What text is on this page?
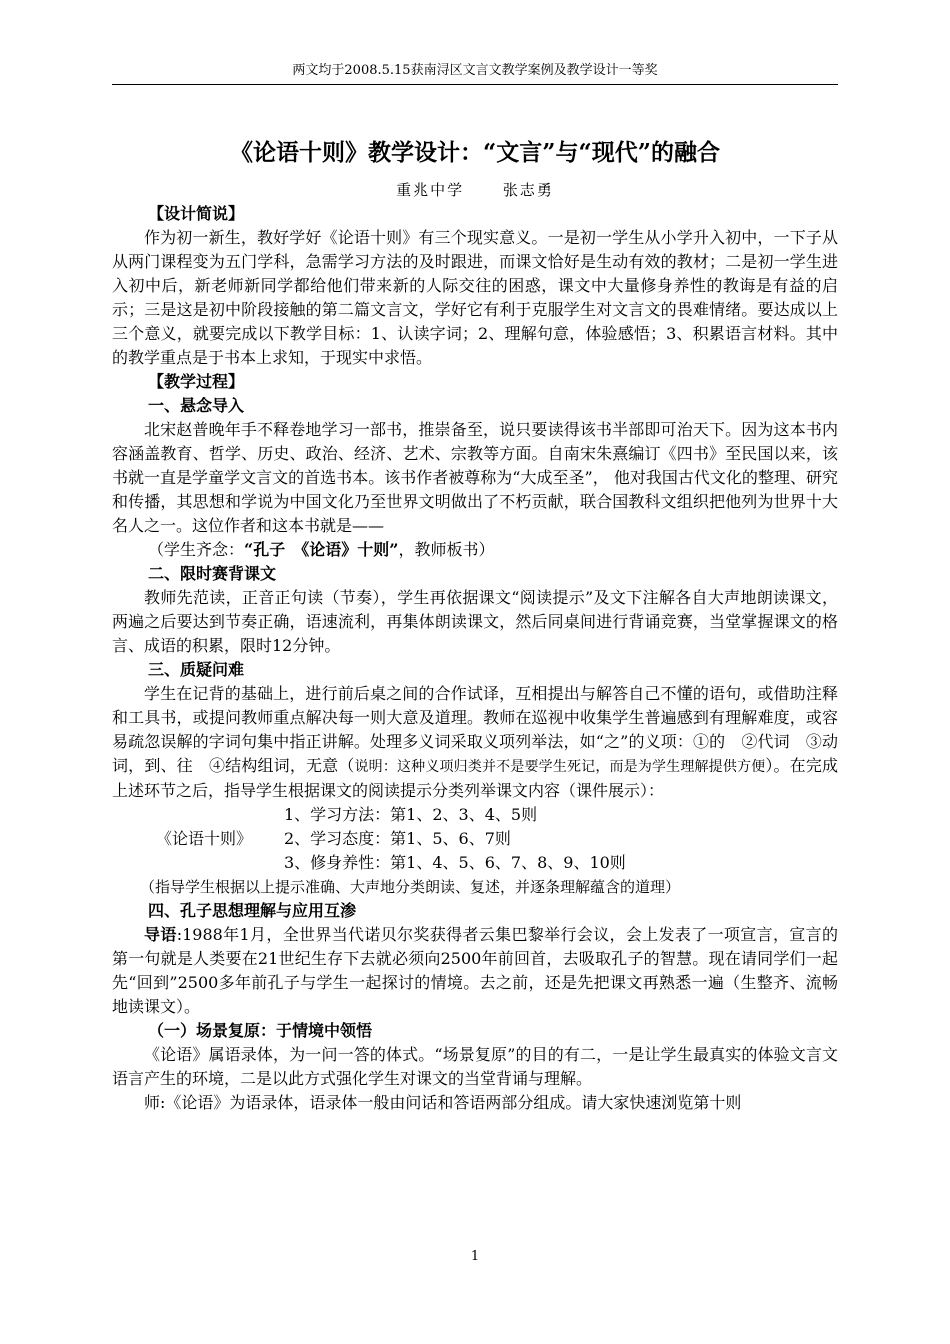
两文均于2008.5.15获南浔区文言文教学案例及教学设计一等奖
《论语十则》教学设计：“文言”与“现代”的融合
重兆中学	张志勇
【设计简说】

作为初一新生，教好学好《论语十则》有三个现实意义。一是初一学生从小学升入初中，一下子从从两门课程变为五门学科，急需学习方法的及时跟进，而课文恰好是生动有效的教材；二是初一学生进入初中后，新老师新同学都给他们带来新的人际交往的困惑，课文中大量修身养性的教诲是有益的启示；三是这是初中阶段接触的第二篇文言文，学好它有利于克服学生对文言文的畏难情绪。要达成以上三个意义，就要完成以下教学目标：1、认读字词；2、理解句意，体验感悟；3、积累语言材料。其中的教学重点是于书本上求知，于现实中求悟。

【教学过程】
一、悬念导入

北宋赵普晚年手不释卷地学习一部书，推崇备至，说只要读得该书半部即可治天下。因为这本书内容涵盖教育、哲学、历史、政治、经济、艺术、宗教等方面。自南宋朱熹编订《四书》至民国以来，该书就一直是学童学文言文的首选书本。该书作者被尊称为“大成至圣”， 他对我国古代文化的整理、研究和传播，其思想和学说为中国文化乃至世界文明做出了不朽贡献，联合国教科文组织把他列为世界十大名人之一。这位作者和这本书就是——

（学生齐念：“孔子　《论语》十则”，教师板书）
二、限时赛背课文

教师先范读，正音正句读（节奏），学生再依据课文“阅读提示”及文下注解各自大声地朗读课文，两遍之后要达到节奏正确，语速流利，再集体朗读课文，然后同桌间进行背诵竞赛，当堂掌握课文的格言、成语的积累，限时12分钟。

三、质疑问难

学生在记背的基础上，进行前后桌之间的合作试译，互相提出与解答自己不懂的语句，或借助注释和工具书，或提问教师重点解决每一则大意及道理。教师在巡视中收集学生普遍感到有理解难度，或容易疏忽误解的字词句集中指正讲解。处理多义词采取义项列举法，如“之”的义项：①的　②代词　③动词，到、往　④结构组词，无意（说明：这种义项归类并不是要学生死记，而是为学生理解提供方便）。在完成上述环节之后，指导学生根据课文的阅读提示分类列举课文内容（课件展示）：

《论语十则》
1、学习方法：第1、2、3、4、5则
2、学习态度：第1、5、6、7则
3、修身养性：第1、4、5、6、7、8、9、10则
（指导学生根据以上提示准确、大声地分类朗读、复述，并逐条理解蕴含的道理）
四、孔子思想理解与应用互渗

导语:1988年1月，全世界当代诺贝尔奖获得者云集巴黎举行会议，会上发表了一项宣言，宣言的第一句就是人类要在21世纪生存下去就必须向2500年前回首，去吸取孔子的智慧。现在请同学们一起先“回到”2500多年前孔子与学生一起探讨的情境。去之前，还是先把课文再熟悉一遍（生整齐、流畅地读课文）。

（一）场景复原：于情境中领悟

《论语》属语录体，为一问一答的体式。“场景复原”的目的有二，一是让学生最真实的体验文言文语言产生的环境，二是以此方式强化学生对课文的当堂背诵与理解。

师:《论语》为语录体，语录体一般由问话和答语两部分组成。请大家快速浏览第十则

1
